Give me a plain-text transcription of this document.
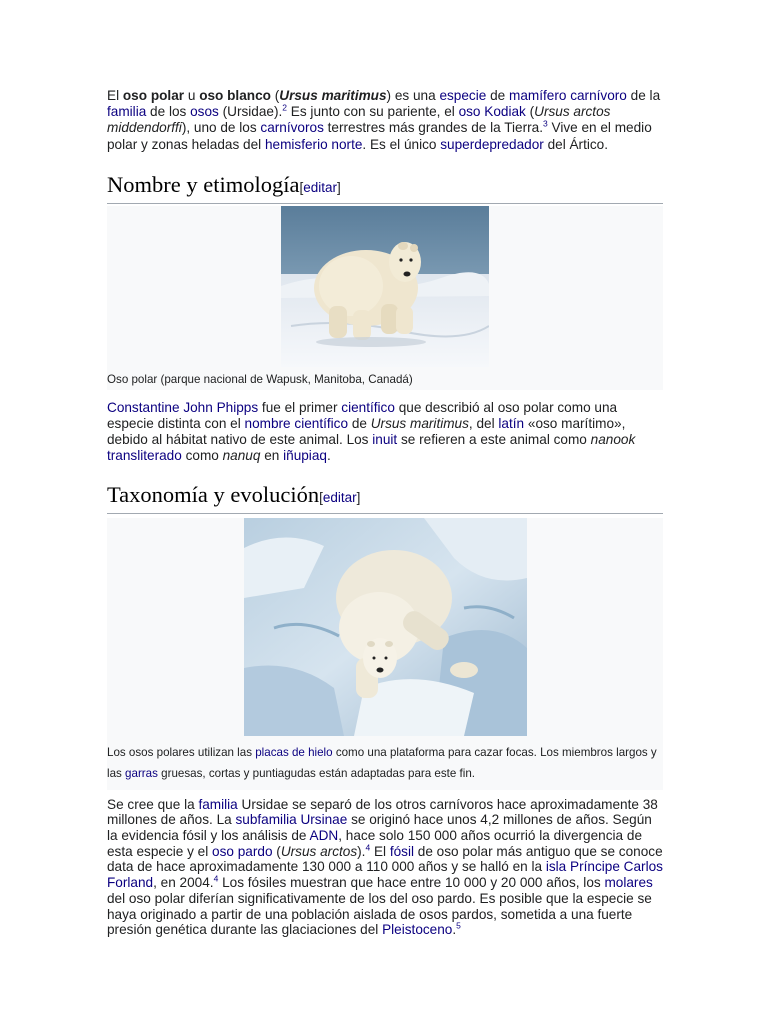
El oso polar u oso blanco (Ursus maritimus) es una especie de mamífero carnívoro de la familia de los osos (Ursidae).$^2$ Es junto con su pariente, el oso Kodiak (Ursus arctos middendorffi), uno de los carnívoros terrestres más grandes de la Tierra.$^3$ Vive en el medio polar y zonas heladas del hemisferio norte. Es el único superdepredador del Ártico.

Nombre y etimología[editar]
Oso polar (parque nacional de Wapusk, Manitoba, Canadá)

Constantine John Phipps fue el primer científico que describió al oso polar como una especie distinta con el nombre científico de Ursus maritimus, del latín «oso marítimo», debido al hábitat nativo de este animal. Los inuit se refieren a este animal como nanook transliterado como nanuq en iñupiaq.

Taxonomía y evolución[editar]
Los osos polares utilizan las placas de hielo como una plataforma para cazar focas. Los miembros largos y las garras gruesas, cortas y puntiagudas están adaptadas para este fin.

Se cree que la familia Ursidae se separó de los otros carnívoros hace aproximadamente 38 millones de años. La subfamilia Ursinae se originó hace unos 4,2 millones de años. Según la evidencia fósil y los análisis de ADN, hace solo 150 000 años ocurrió la divergencia de esta especie y el oso pardo (Ursus arctos).$^4$ El fósil de oso polar más antiguo que se conoce data de hace aproximadamente 130 000 a 110 000 años y se halló en la isla Príncipe Carlos Forland, en 2004.$^4$ Los fósiles muestran que hace entre 10 000 y 20 000 años, los molares del oso polar diferían significativamente de los del oso pardo. Es posible que la especie se haya originado a partir de una población aislada de osos pardos, sometida a una fuerte presión genética durante las glaciaciones del Pleistoceno.$^5$
